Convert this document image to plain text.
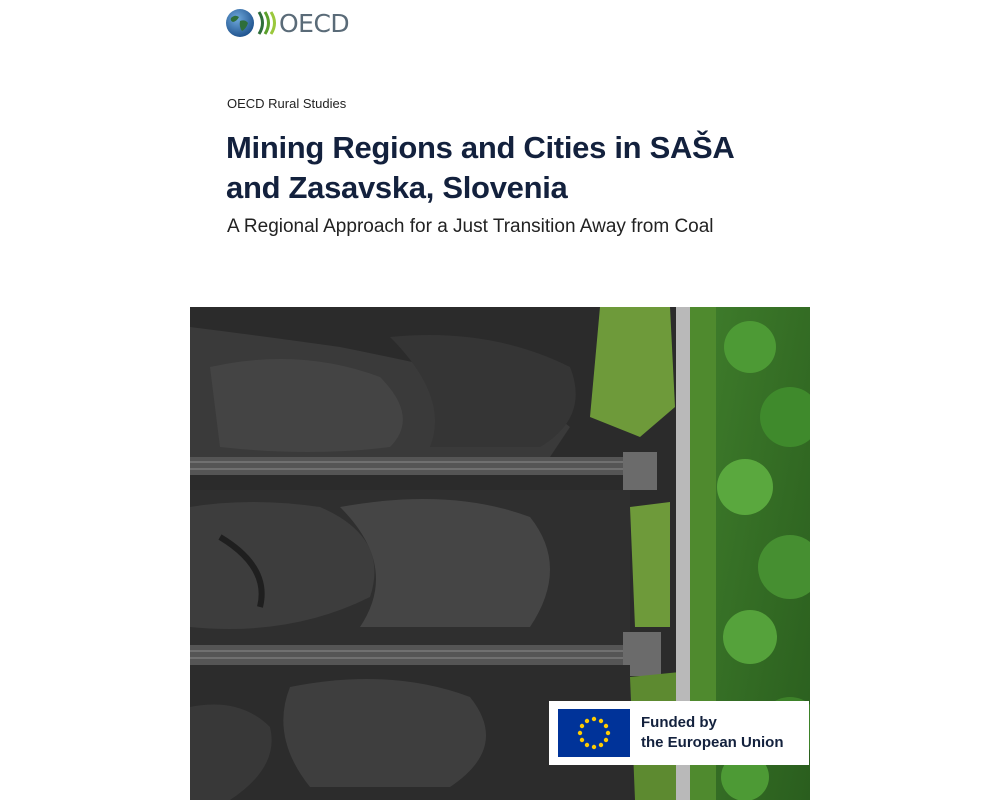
OECD
OECD Rural Studies
Mining Regions and Cities in SAŠA
and Zasavska, Slovenia
A Regional Approach for a Just Transition Away from Coal
Funded by
the European Union
